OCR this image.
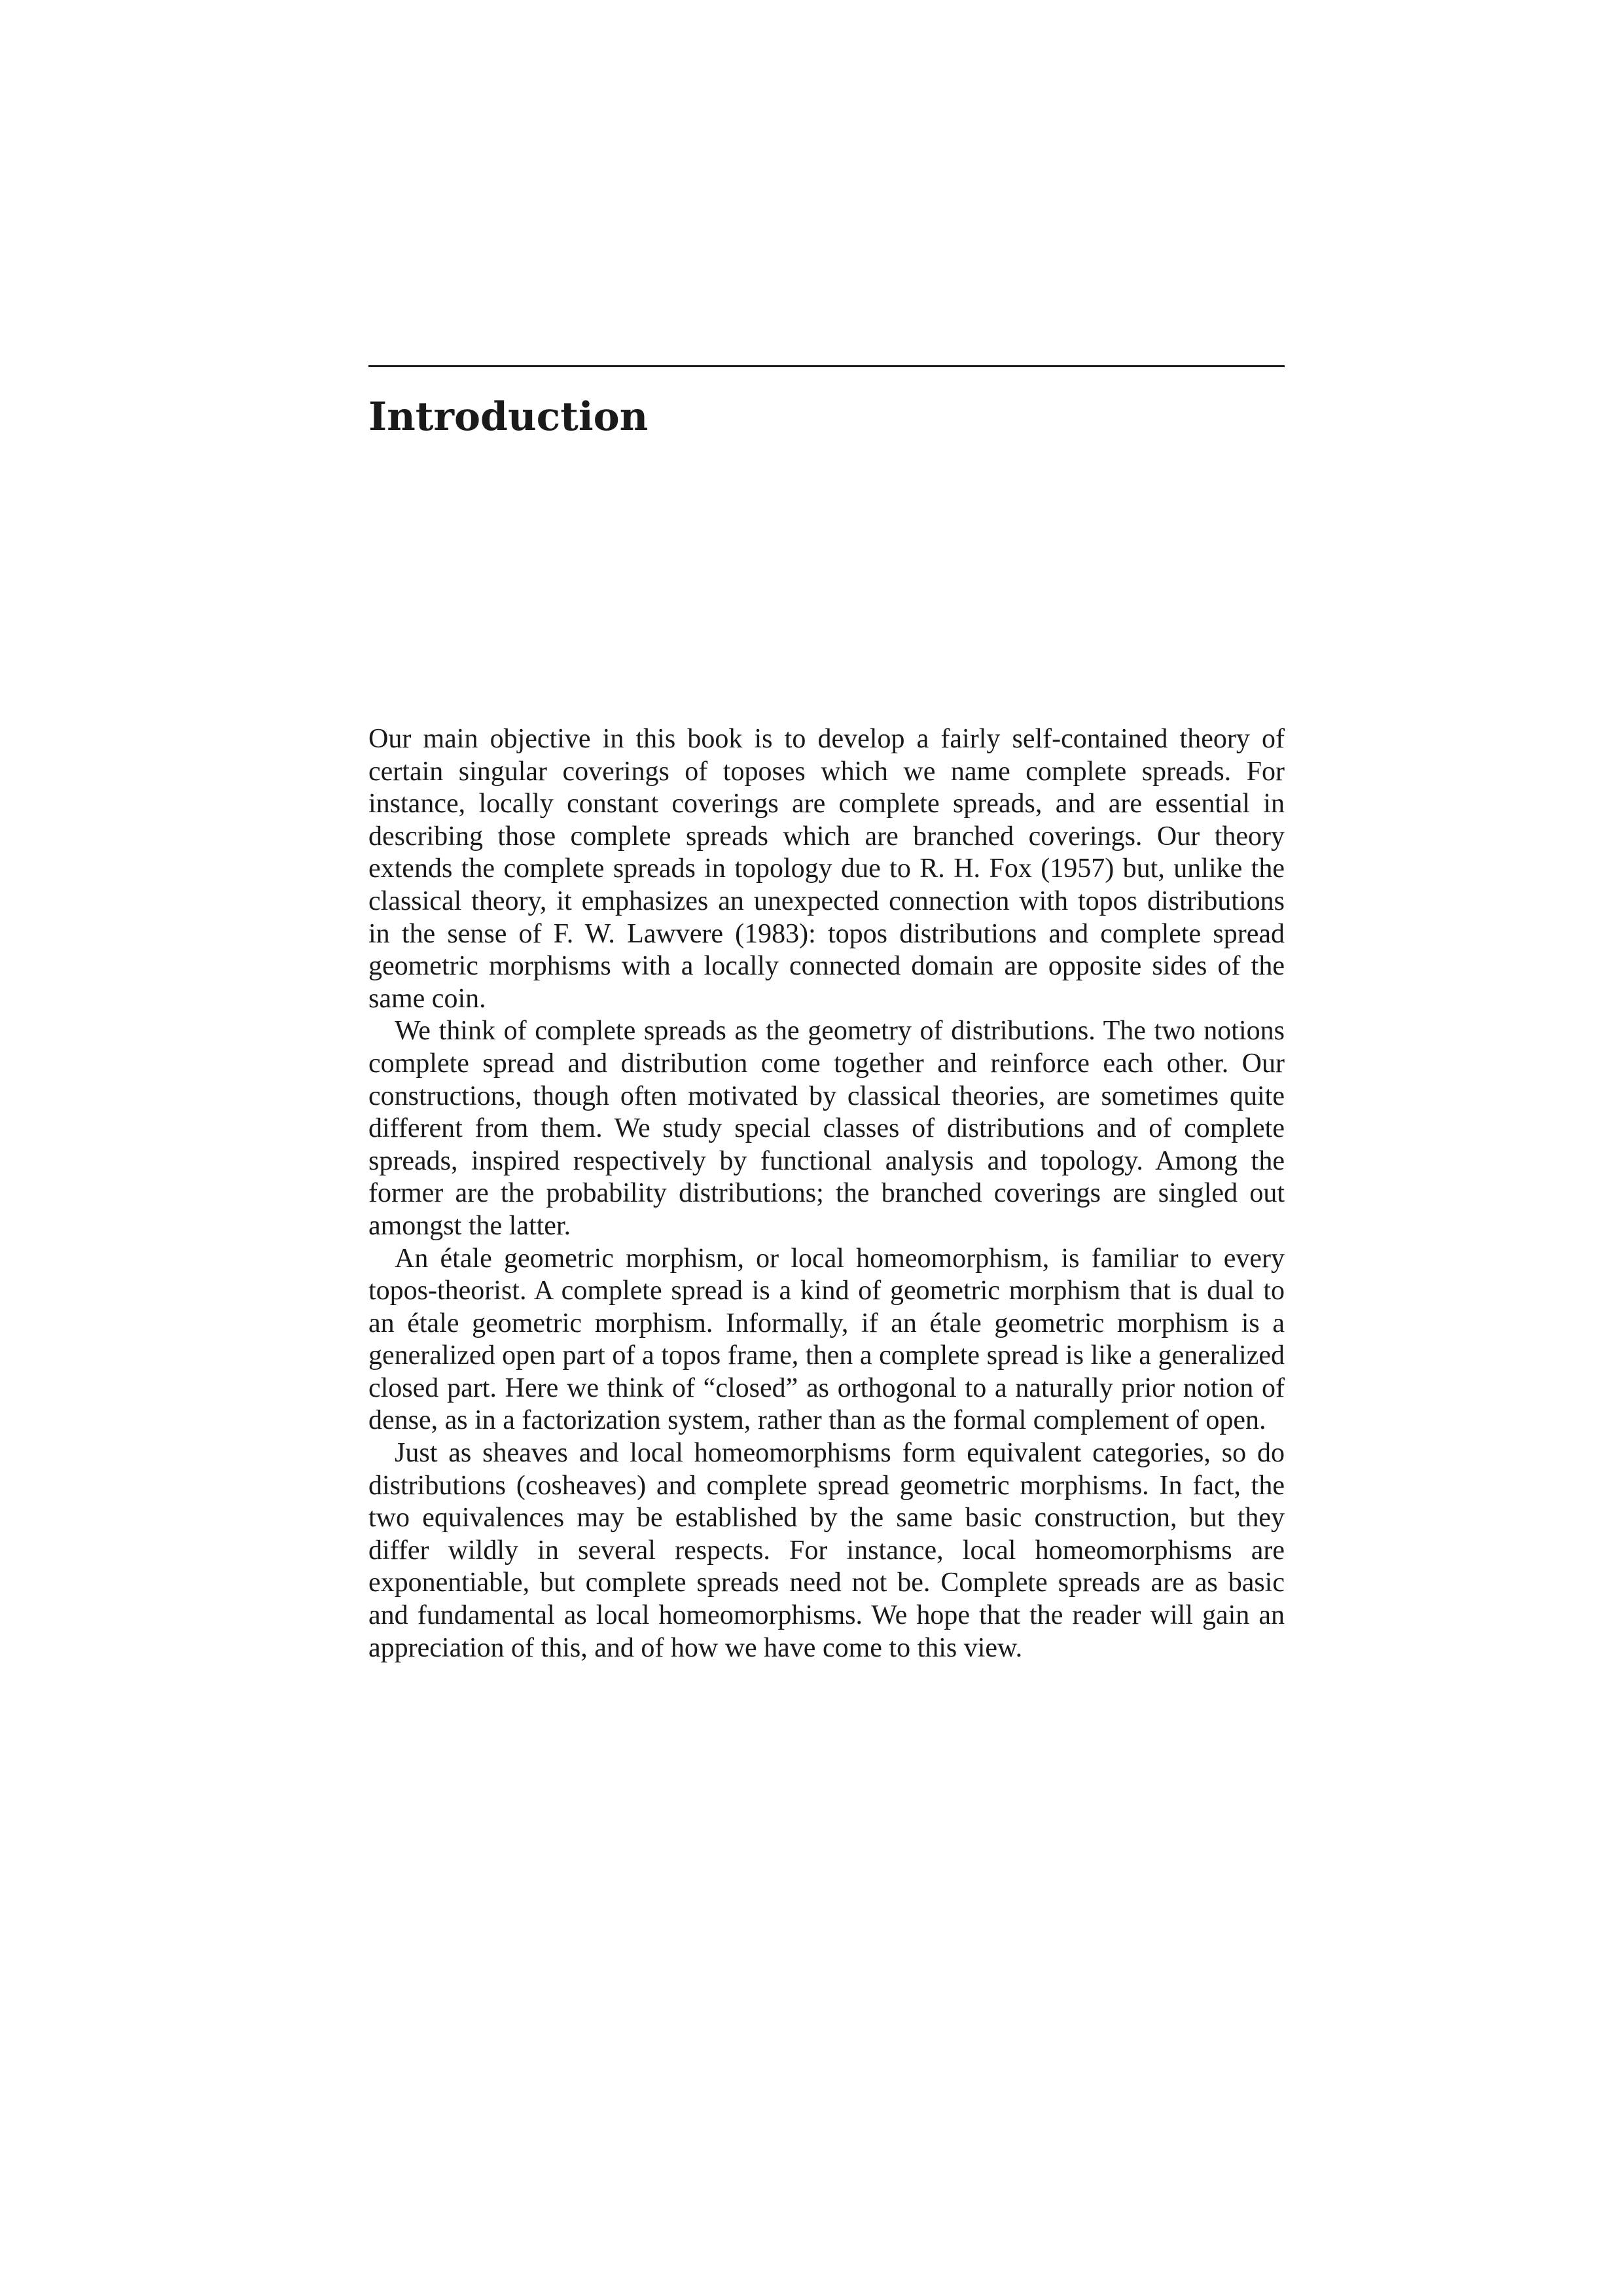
Introduction

Our main objective in this book is to develop a fairly self-contained theory of certain singular coverings of toposes which we name complete spreads. For instance, locally constant coverings are complete spreads, and are essential in describing those complete spreads which are branched coverings. Our theory extends the complete spreads in topology due to R. H. Fox (1957) but, unlike the classical theory, it emphasizes an unexpected connection with topos distributions in the sense of F. W. Lawvere (1983): topos distributions and complete spread geometric morphisms with a locally connected domain are opposite sides of the same coin.

We think of complete spreads as the geometry of distributions. The two notions complete spread and distribution come together and reinforce each other. Our constructions, though often motivated by classical theories, are sometimes quite different from them. We study special classes of distributions and of complete spreads, inspired respectively by functional analysis and topology. Among the former are the probability distributions; the branched coverings are singled out amongst the latter.

An étale geometric morphism, or local homeomorphism, is familiar to every topos-theorist. A complete spread is a kind of geometric morphism that is dual to an étale geometric morphism. Informally, if an étale geometric morphism is a generalized open part of a topos frame, then a complete spread is like a generalized closed part. Here we think of “closed” as orthogonal to a naturally prior notion of dense, as in a factorization system, rather than as the formal complement of open.

Just as sheaves and local homeomorphisms form equivalent categories, so do distributions (cosheaves) and complete spread geometric morphisms. In fact, the two equivalences may be established by the same basic construction, but they differ wildly in several respects. For instance, local homeomorphisms are exponentiable, but complete spreads need not be. Complete spreads are as basic and fundamental as local homeomorphisms. We hope that the reader will gain an appreciation of this, and of how we have come to this view.
